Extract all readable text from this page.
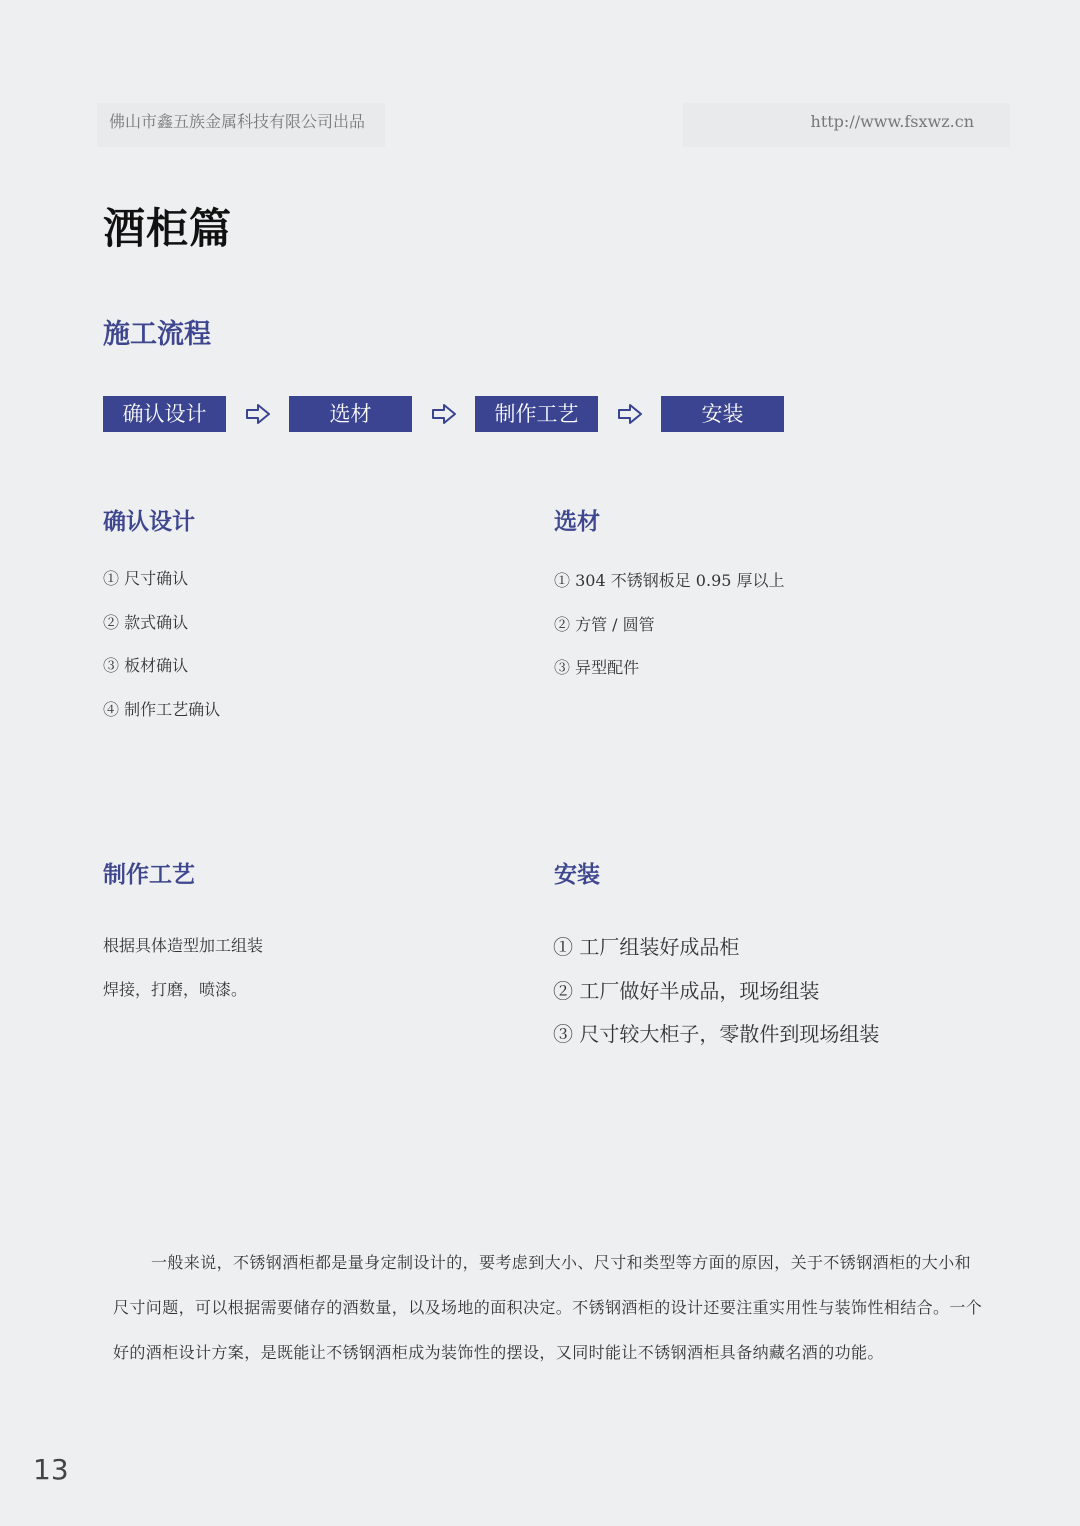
佛山市鑫五族金属科技有限公司出品	http://www.fsxwz.cn
酒柜篇
施工流程
确认设计	选材	制作工艺	安装
确认设计
① 尺寸确认
② 款式确认
③ 板材确认
④ 制作工艺确认
选材
① 304 不锈钢板足 0.95 厚以上
② 方管 / 圆管
③ 异型配件
制作工艺
根据具体造型加工组装
焊接，打磨，喷漆。
安装
① 工厂组装好成品柜
② 工厂做好半成品，现场组装
③ 尺寸较大柜子，零散件到现场组装

一般来说，不锈钢酒柜都是量身定制设计的，要考虑到大小、尺寸和类型等方面的原因，关于不锈钢酒柜的大小和尺寸问题，可以根据需要储存的酒数量，以及场地的面积决定。不锈钢酒柜的设计还要注重实用性与装饰性相结合。一个好的酒柜设计方案，是既能让不锈钢酒柜成为装饰性的摆设，又同时能让不锈钢酒柜具备纳藏名酒的功能。

13
